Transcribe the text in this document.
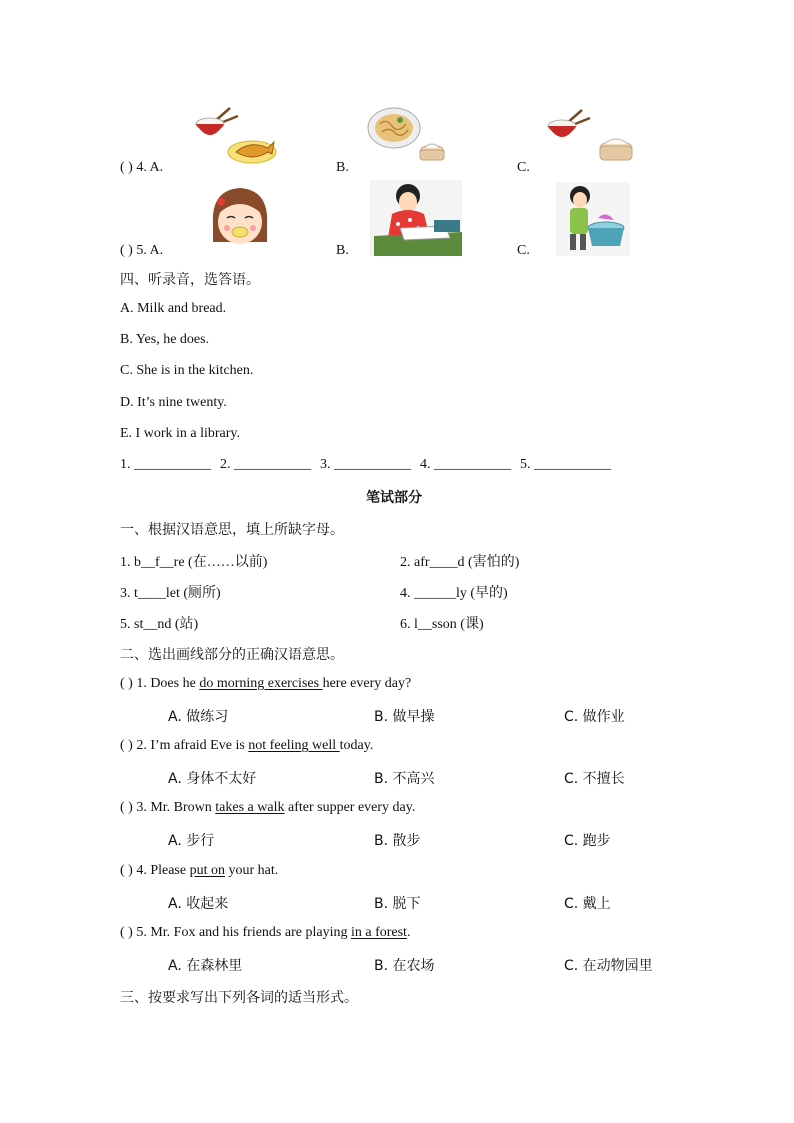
( ) 4. A.	B.	C.
( ) 5. A.	B.	C.
四、听录音，选答语。
A. Milk and bread.
B. Yes, he does.
C. She is in the kitchen.
D. It’s nine twenty.
E. I work in a library.
1. ___________ 2. ___________ 3. ___________ 4. ___________ 5. ___________
笔试部分
一、根据汉语意思，填上所缺字母。
1. b__f__re (在……以前)	2. afr____d (害怕的)
3. t____let (厕所)	4. ______ly (早的)
5. st__nd (站)	6. l__sson (课)
二、选出画线部分的正确汉语意思。
( ) 1. Does he do morning exercises here every day?
A. 做练习	B. 做早操	C. 做作业
( ) 2. I’m afraid Eve is not feeling well today.
A. 身体不太好	B. 不高兴	C. 不擅长
( ) 3. Mr. Brown takes a walk after supper every day.
A. 步行	B. 散步	C. 跑步
( ) 4. Please put on your hat.
A. 收起来	B. 脱下	C. 戴上
( ) 5. Mr. Fox and his friends are playing in a forest.
A. 在森林里	B. 在农场	C. 在动物园里
三、按要求写出下列各词的适当形式。
